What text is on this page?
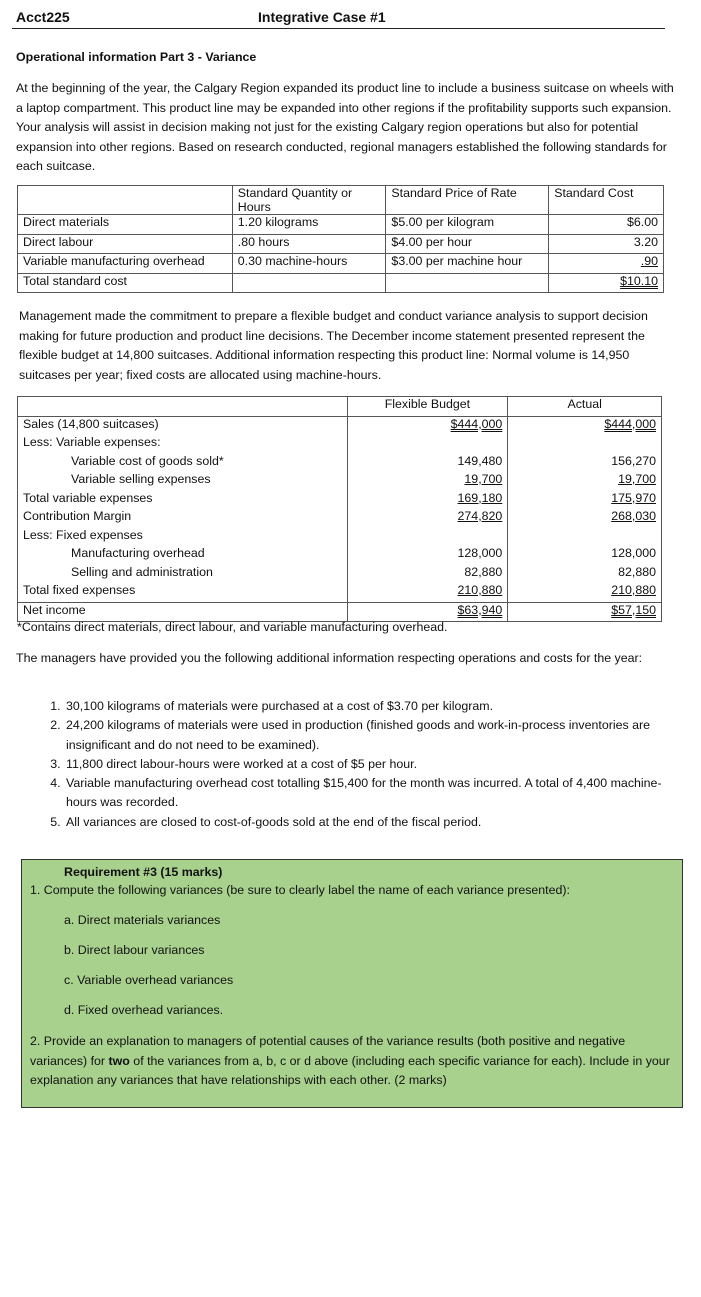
Acct225	Integrative Case #1
Operational information Part 3 - Variance
At the beginning of the year, the Calgary Region expanded its product line to include a business suitcase on wheels with a laptop compartment. This product line may be expanded into other regions if the profitability supports such expansion. Your analysis will assist in decision making not just for the existing Calgary region operations but also for potential expansion into other regions. Based on research conducted, regional managers established the following standards for each suitcase.
	Standard Quantity or Hours	Standard Price of Rate	Standard Cost
Direct materials	1.20 kilograms	$5.00 per kilogram	$6.00
Direct labour	.80 hours	$4.00 per hour	3.20
Variable manufacturing overhead	0.30 machine-hours	$3.00 per machine hour	.90
Total standard cost			$10.10
Management made the commitment to prepare a flexible budget and conduct variance analysis to support decision making for future production and product line decisions. The December income statement presented represent the flexible budget at 14,800 suitcases. Additional information respecting this product line: Normal volume is 14,950 suitcases per year; fixed costs are allocated using machine-hours.
	Flexible Budget	Actual
Sales (14,800 suitcases)	$444,000	$444,000
Less: Variable expenses:		
Variable cost of goods sold*	149,480	156,270
Variable selling expenses	19,700	19,700
Total variable expenses	169,180	175,970
Contribution Margin	274,820	268,030
Less: Fixed expenses		
Manufacturing overhead	128,000	128,000
Selling and administration	82,880	82,880
Total fixed expenses	210,880	210,880
Net income	$63,940	$57,150
*Contains direct materials, direct labour, and variable manufacturing overhead.
The managers have provided you the following additional information respecting operations and costs for the year:
1. 30,100 kilograms of materials were purchased at a cost of $3.70 per kilogram.
2. 24,200 kilograms of materials were used in production (finished goods and work-in-process inventories are insignificant and do not need to be examined).
3. 11,800 direct labour-hours were worked at a cost of $5 per hour.
4. Variable manufacturing overhead cost totalling $15,400 for the month was incurred. A total of 4,400 machine-hours was recorded.
5. All variances are closed to cost-of-goods sold at the end of the fiscal period.
Requirement #3 (15 marks)
1. Compute the following variances (be sure to clearly label the name of each variance presented):
a. Direct materials variances
b. Direct labour variances
c. Variable overhead variances
d. Fixed overhead variances.
2. Provide an explanation to managers of potential causes of the variance results (both positive and negative variances) for two of the variances from a, b, c or d above (including each specific variance for each). Include in your explanation any variances that have relationships with each other. (2 marks)
